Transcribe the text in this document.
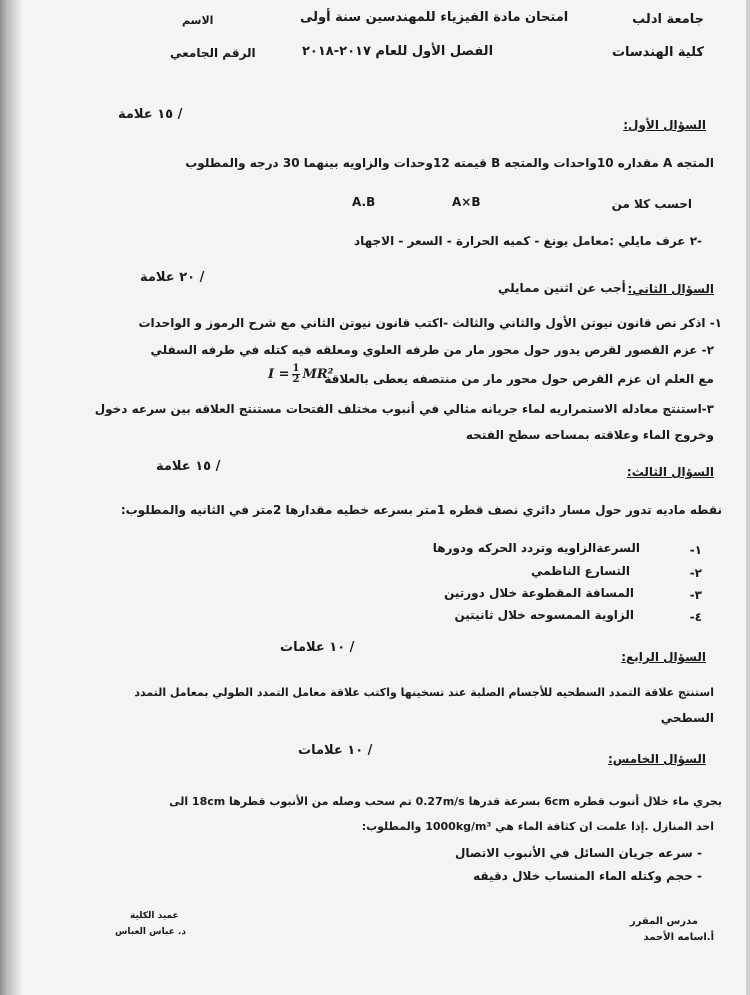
جامعة ادلب
كلية الهندسات
امتحان مادة الفيزياء للمهندسين سنة أولى
الفصل الأول للعام ٢٠١٧-٢٠١٨
الاسم
الرقم الجامعي
السؤال الأول:
/ ١٥ علامة
المتجه A مقداره 10واحدات والمتجه B قيمته 12وحدات والزاويه بينهما 30 درجه والمطلوب
احسب كلا من
A×B
A.B
-٢ عرف مايلي :معامل يونغ - كميه الحرارة - السعر - الاجهاد
السؤال الثاني:
أجب عن اثنين ممايلي
/ ٢٠ علامة
١- اذكر نص قانون نيوتن الأول والثاني والثالث -اكتب قانون نيوتن الثاني مع شرح الرموز و الواحدات
٢- عزم القصور لقرص يدور حول محور مار من طرفه العلوي ومعلقه فيه كتله في طرفه السفلي
مع العلم ان عزم القرص حول محور مار من منتصفه يعطى بالعلاقة
$I = \frac{1}{2} MR^2$
٣-استنتج معادله الاستمراريه لماء جريانه مثالي في أنبوب مختلف الفتحات مستنتج العلاقه بين سرعه دخول
وخروج الماء وعلاقته بمساحه سطح الفتحه
السؤال الثالث:
/ ١٥ علامة
نقطه ماديه تدور حول مسار دائري نصف قطره 1متر بسرعه خطيه مقدارها 2متر في الثانيه والمطلوب:
-١
السرعةالزاويه وتردد الحركه ودورها
-٢
التسارع الناظمي
-٣
المسافة المقطوعة خلال دورتين
-٤
الزاوية الممسوحه خلال ثانيتين
السؤال الرابع:
/ ١٠ علامات
استنتج علاقة التمدد السطحيه للأجسام الصلبة عند تسخينها واكتب علاقة معامل التمدد الطولي بمعامل التمدد
السطحي
السؤال الخامس:
/ ١٠ علامات
يجري ماء خلال أنبوب قطره 6cm بسرعة قدرها 0.27m/s تم سحب وصله من الأنبوب قطرها 18cm الى
احد المنازل .إذا علمت ان كثافة الماء هي 1000kg/m³ والمطلوب:
- سرعه جريان السائل في الأنبوب الاتصال
- حجم وكتله الماء المنساب خلال دقيقه
مدرس المقرر
أ.اسامه الأحمد
عميد الكلية
د. عباس العباس
